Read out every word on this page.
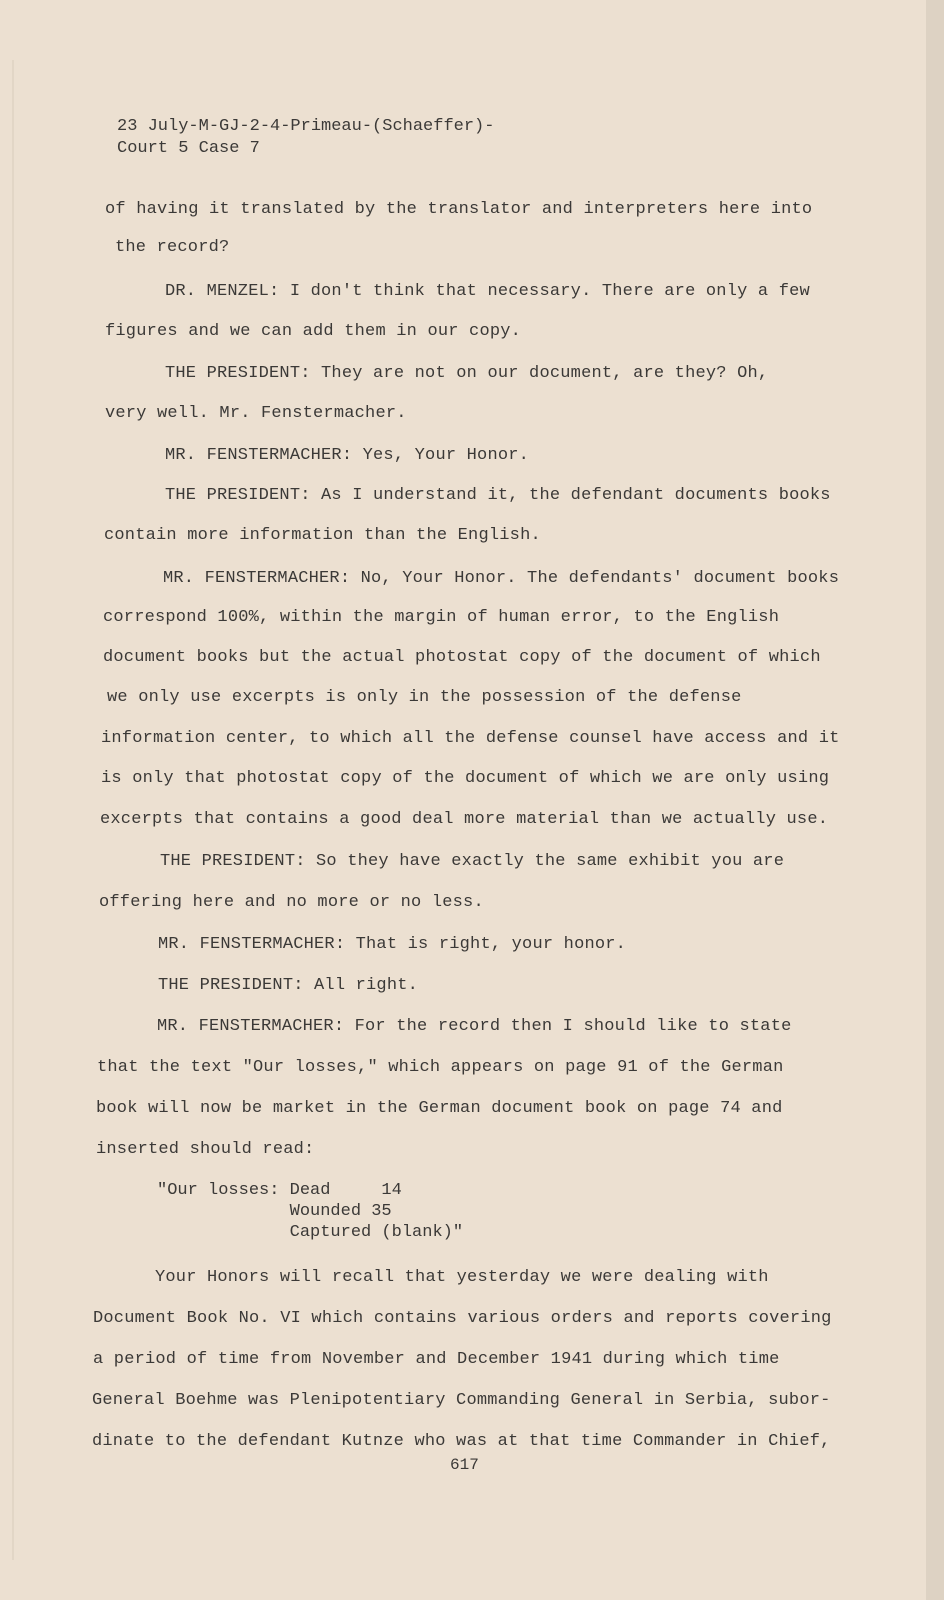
23 July-M-GJ-2-4-Primeau-(Schaeffer)-
Court 5 Case 7
of having it translated by the translator and interpreters here into
the record?
DR. MENZEL: I don't think that necessary. There are only a few
figures and we can add them in our copy.
THE PRESIDENT: They are not on our document, are they? Oh,
very well. Mr. Fenstermacher.
MR. FENSTERMACHER: Yes, Your Honor.
THE PRESIDENT: As I understand it, the defendant documents books
contain more information than the English.
MR. FENSTERMACHER: No, Your Honor. The defendants' document books
correspond 100%, within the margin of human error, to the English
document books but the actual photostat copy of the document of which
we only use excerpts is only in the possession of the defense
information center, to which all the defense counsel have access and it
is only that photostat copy of the document of which we are only using
excerpts that contains a good deal more material than we actually use.
THE PRESIDENT: So they have exactly the same exhibit you are
offering here and no more or no less.
MR. FENSTERMACHER: That is right, your honor.
THE PRESIDENT: All right.
MR. FENSTERMACHER: For the record then I should like to state
that the text "Our losses," which appears on page 91 of the German
book will now be market in the German document book on page 74 and
inserted should read:
"Our losses: Dead     14
Wounded 35
Captured (blank)"
Your Honors will recall that yesterday we were dealing with
Document Book No. VI which contains various orders and reports covering
a period of time from November and December 1941 during which time
General Boehme was Plenipotentiary Commanding General in Serbia, subor-
dinate to the defendant Kutnze who was at that time Commander in Chief,
617
